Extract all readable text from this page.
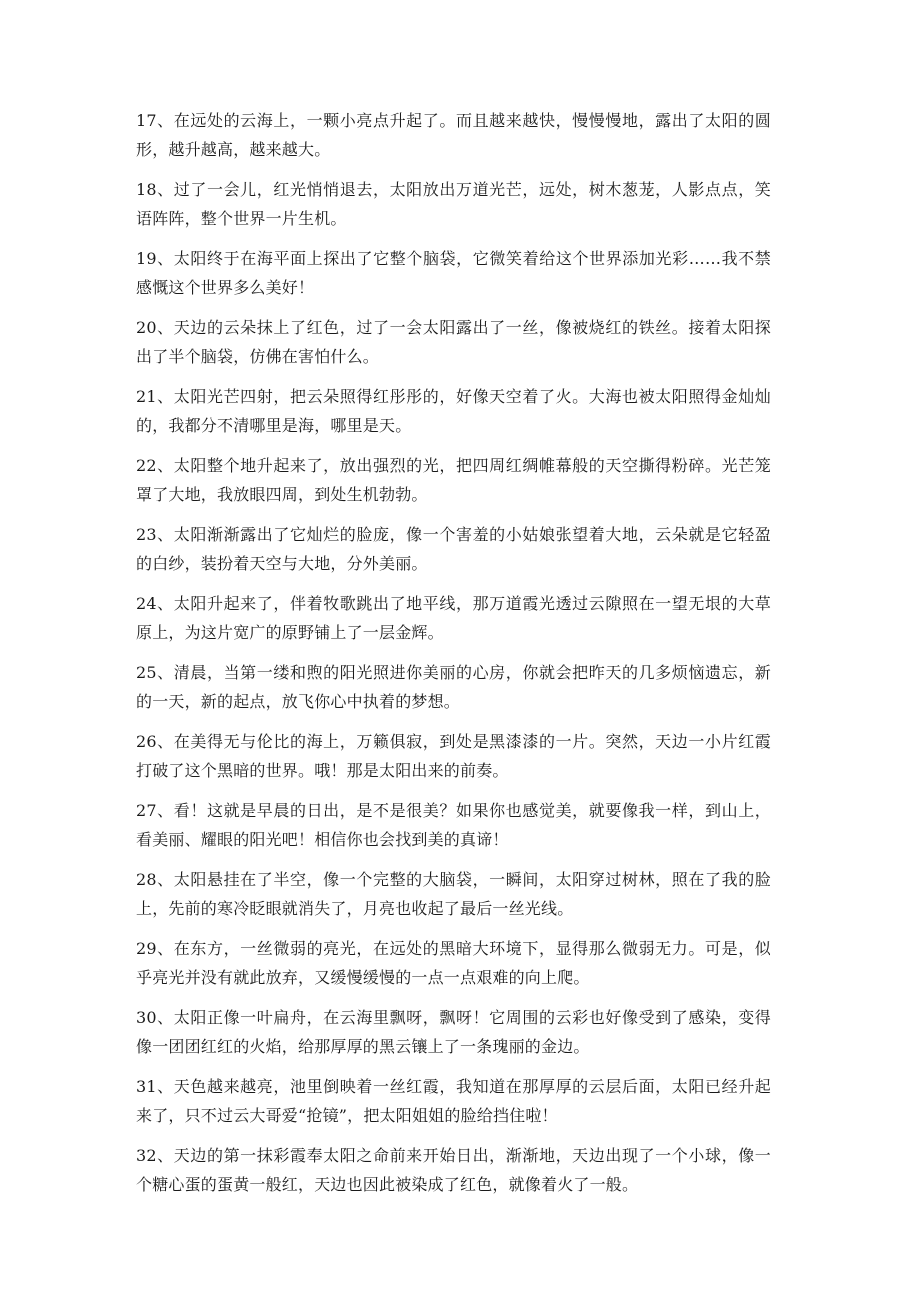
17、在远处的云海上，一颗小亮点升起了。而且越来越快，慢慢慢地，露出了太阳的圆形，越升越高，越来越大。

18、过了一会儿，红光悄悄退去，太阳放出万道光芒，远处，树木葱茏，人影点点，笑语阵阵，整个世界一片生机。

19、太阳终于在海平面上探出了它整个脑袋，它微笑着给这个世界添加光彩……我不禁感慨这个世界多么美好！

20、天边的云朵抹上了红色，过了一会太阳露出了一丝，像被烧红的铁丝。接着太阳探出了半个脑袋，仿佛在害怕什么。

21、太阳光芒四射，把云朵照得红彤彤的，好像天空着了火。大海也被太阳照得金灿灿的，我都分不清哪里是海，哪里是天。

22、太阳整个地升起来了，放出强烈的光，把四周红绸帷幕般的天空撕得粉碎。光芒笼罩了大地，我放眼四周，到处生机勃勃。

23、太阳渐渐露出了它灿烂的脸庞，像一个害羞的小姑娘张望着大地，云朵就是它轻盈的白纱，装扮着天空与大地，分外美丽。

24、太阳升起来了，伴着牧歌跳出了地平线，那万道霞光透过云隙照在一望无垠的大草原上，为这片宽广的原野铺上了一层金辉。

25、清晨，当第一缕和煦的阳光照进你美丽的心房，你就会把昨天的几多烦恼遗忘，新的一天，新的起点，放飞你心中执着的梦想。

26、在美得无与伦比的海上，万籁俱寂，到处是黑漆漆的一片。突然，天边一小片红霞打破了这个黑暗的世界。哦！那是太阳出来的前奏。

27、看！这就是早晨的日出，是不是很美？如果你也感觉美，就要像我一样，到山上，看美丽、耀眼的阳光吧！相信你也会找到美的真谛！

28、太阳悬挂在了半空，像一个完整的大脑袋，一瞬间，太阳穿过树林，照在了我的脸上，先前的寒冷眨眼就消失了，月亮也收起了最后一丝光线。

29、在东方，一丝微弱的亮光，在远处的黑暗大环境下，显得那么微弱无力。可是，似乎亮光并没有就此放弃，又缓慢缓慢的一点一点艰难的向上爬。

30、太阳正像一叶扁舟，在云海里飘呀，飘呀！它周围的云彩也好像受到了感染，变得像一团团红红的火焰，给那厚厚的黑云镶上了一条瑰丽的金边。

31、天色越来越亮，池里倒映着一丝红霞，我知道在那厚厚的云层后面，太阳已经升起来了，只不过云大哥爱“抢镜”，把太阳姐姐的脸给挡住啦！

32、天边的第一抹彩霞奉太阳之命前来开始日出，渐渐地，天边出现了一个小球，像一个糖心蛋的蛋黄一般红，天边也因此被染成了红色，就像着火了一般。
